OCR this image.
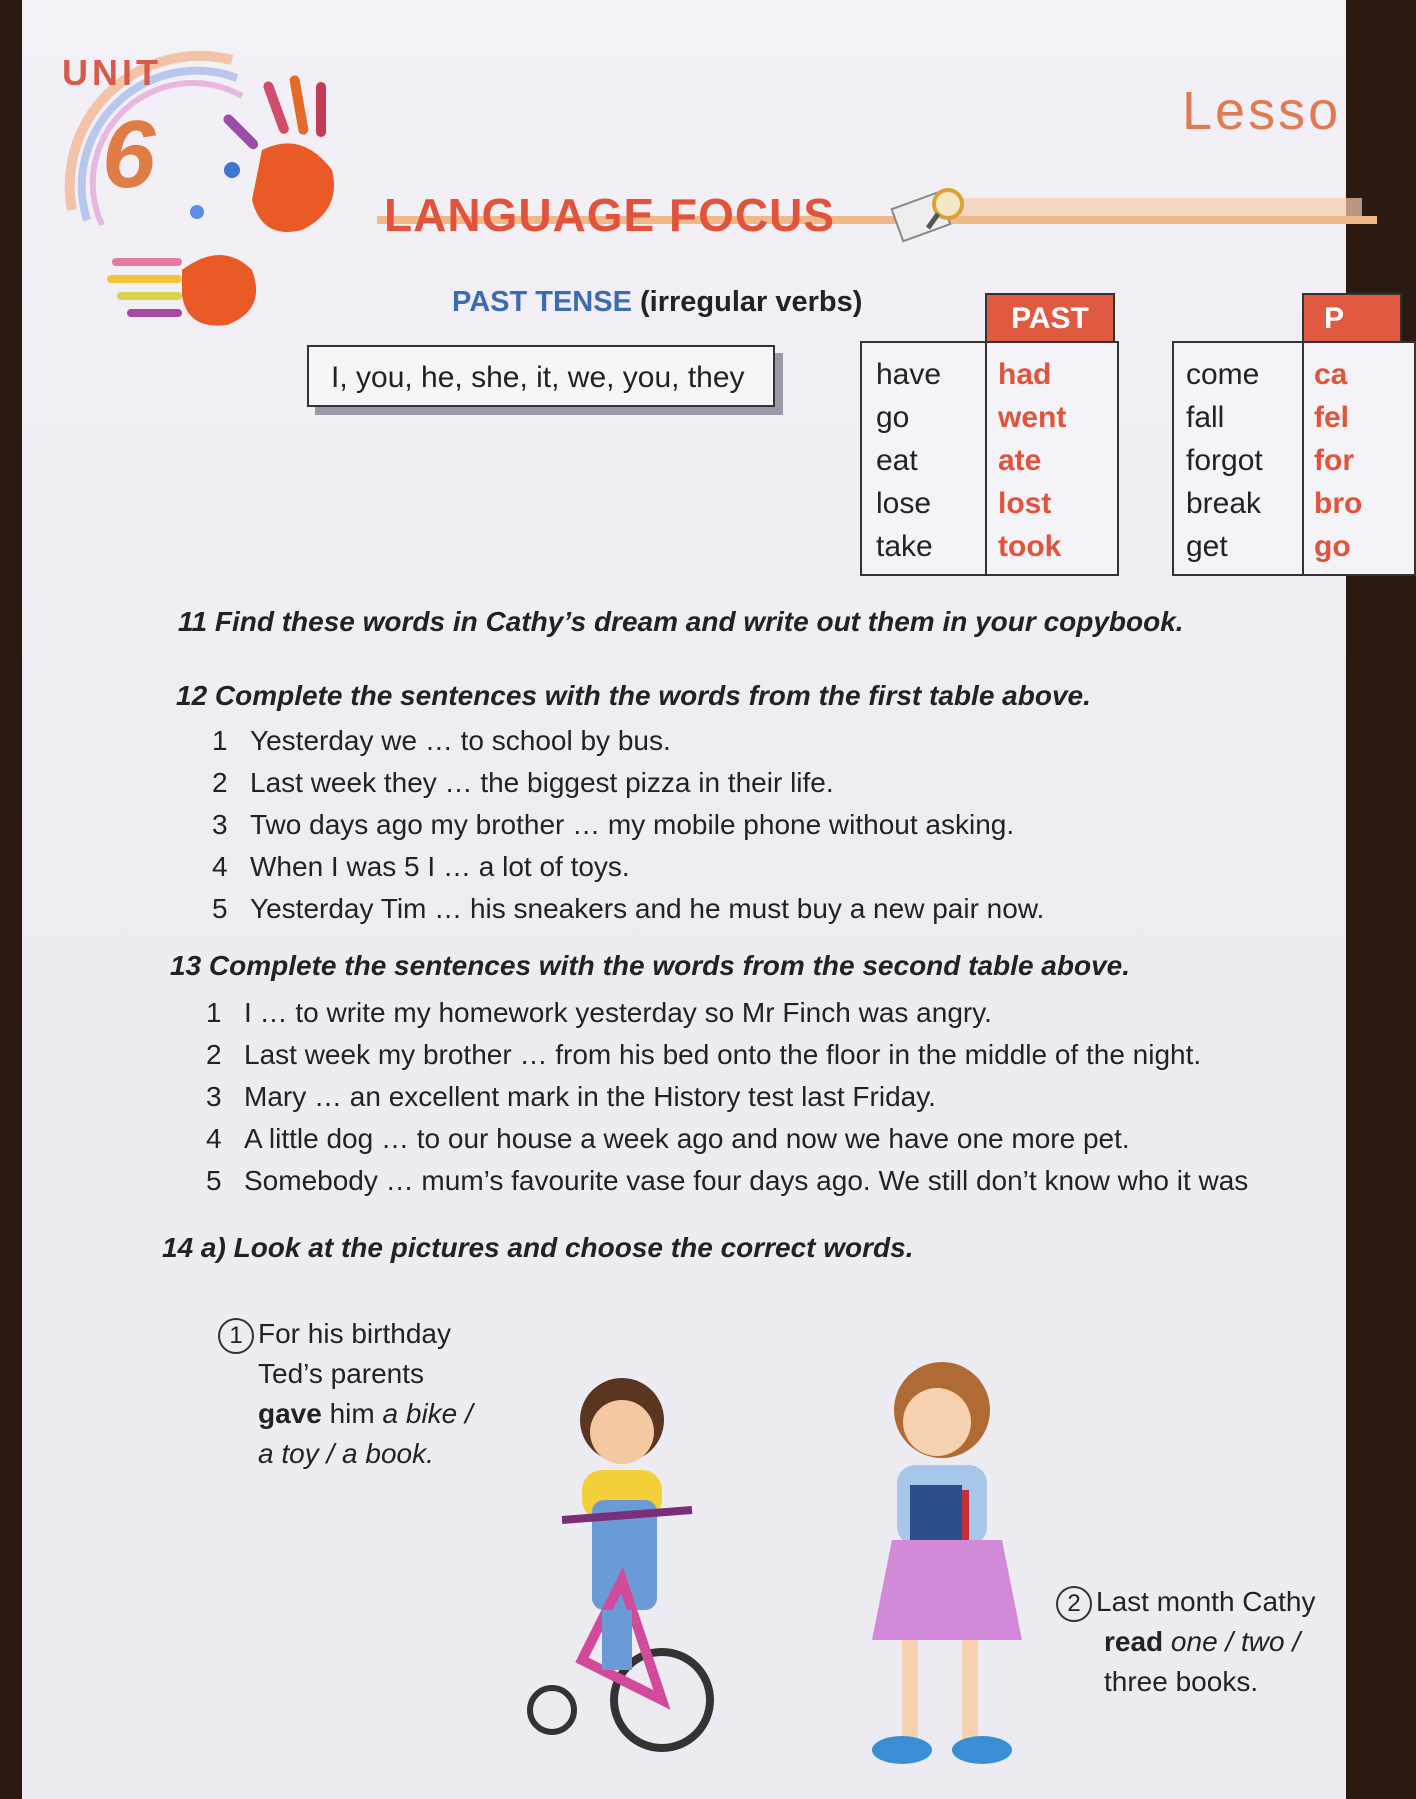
UNIT
6	Lesso
LANGUAGE FOCUS
PAST TENSE (irregular verbs)
I, you, he, she, it, we, you, they
PAST
have
go
eat
lose
take
had
went
ate
lost
took
P
come
fall
forgot
break
get
ca
fel
for
bro
go
11 Find these words in Cathy’s dream and write out them in your copybook.
12 Complete the sentences with the words from the first table above.
1 Yesterday we … to school by bus.
2 Last week they … the biggest pizza in their life.
3 Two days ago my brother … my mobile phone without asking.
4 When I was 5 I … a lot of toys.
5 Yesterday Tim … his sneakers and he must buy a new pair now.
13 Complete the sentences with the words from the second table above.
1 I … to write my homework yesterday so Mr Finch was angry.
2 Last week my brother … from his bed onto the floor in the middle of the night.
3 Mary … an excellent mark in the History test last Friday.
4 A little dog … to our house a week ago and now we have one more pet.
5 Somebody … mum’s favourite vase four days ago. We still don’t know who it was
14 a) Look at the pictures and choose the correct words.
1 For his birthday
Ted’s parents
gave him a bike /
a toy / a book.
2 Last month Cathy
read one / two /
three books.
